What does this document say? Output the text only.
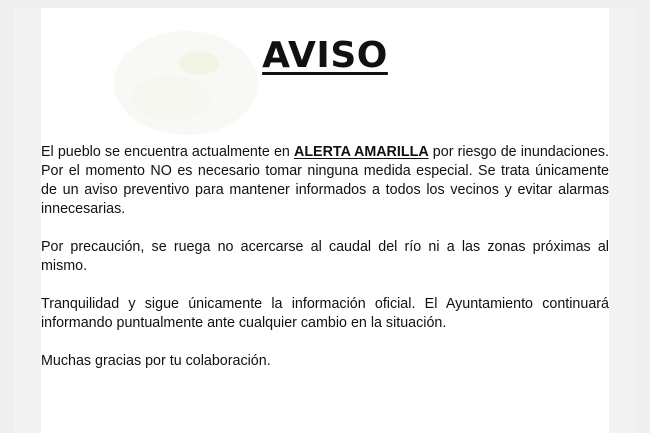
AVISO

El pueblo se encuentra actualmente en ALERTA AMARILLA por riesgo de inundaciones. Por el momento NO es necesario tomar ninguna medida especial. Se trata únicamente de un aviso preventivo para mantener informados a todos los vecinos y evitar alarmas innecesarias.

Por precaución, se ruega no acercarse al caudal del río ni a las zonas próximas al mismo.

Tranquilidad y sigue únicamente la información oficial. El Ayuntamiento continuará informando puntualmente ante cualquier cambio en la situación.

Muchas gracias por tu colaboración.
